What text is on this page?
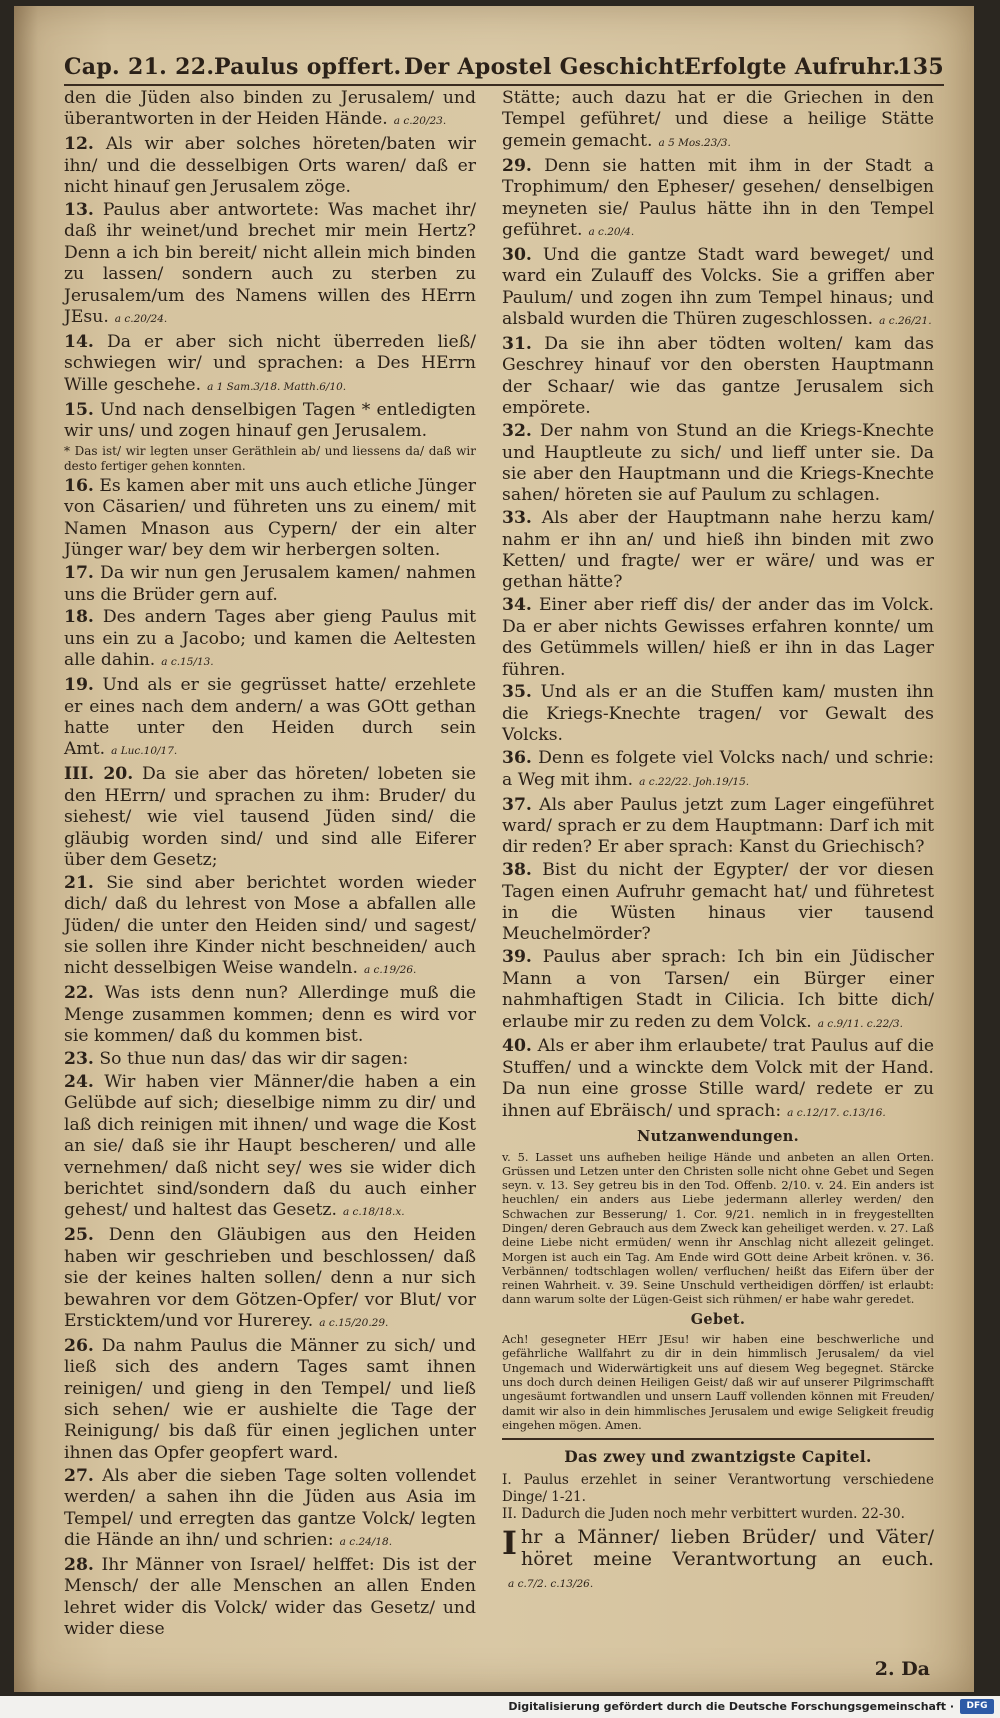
Cap. 21. 22. Paulus opffert. Der Apostel Geschicht.
Erfolgte Aufruhr.
135

den die Jüden also binden zu Jerusalem/ und überantworten in der Heiden Hände. a c.20/23.

12. Als wir aber solches höreten/baten wir ihn/ und die desselbigen Orts waren/ daß er nicht hinauf gen Jerusalem zöge.

13. Paulus aber antwortete: Was machet ihr/ daß ihr weinet/und brechet mir mein Hertz? Denn a ich bin bereit/ nicht allein mich binden zu lassen/ sondern auch zu sterben zu Jerusalem/um des Namens willen des HErrn JEsu. a c.20/24.

14. Da er aber sich nicht überreden ließ/ schwiegen wir/ und sprachen: a Des HErrn Wille geschehe. a 1 Sam.3/18. Matth.6/10.

15. Und nach denselbigen Tagen * entledigten wir uns/ und zogen hinauf gen Jerusalem.

* Das ist/ wir legten unser Geräthlein ab/ und liessens da/ daß wir desto fertiger gehen konnten.

16. Es kamen aber mit uns auch etliche Jünger von Cäsarien/ und führeten uns zu einem/ mit Namen Mnason aus Cypern/ der ein alter Jünger war/ bey dem wir herbergen solten.

17. Da wir nun gen Jerusalem kamen/ nahmen uns die Brüder gern auf.

18. Des andern Tages aber gieng Paulus mit uns ein zu a Jacobo; und kamen die Aeltesten alle dahin. a c.15/13.

19. Und als er sie gegrüsset hatte/ erzehlete er eines nach dem andern/ a was GOtt gethan hatte unter den Heiden durch sein Amt. a Luc.10/17.

III. 20. Da sie aber das höreten/ lobeten sie den HErrn/ und sprachen zu ihm: Bruder/ du siehest/ wie viel tausend Jüden sind/ die gläubig worden sind/ und sind alle Eiferer über dem Gesetz;

21. Sie sind aber berichtet worden wieder dich/ daß du lehrest von Mose a abfallen alle Jüden/ die unter den Heiden sind/ und sagest/ sie sollen ihre Kinder nicht beschneiden/ auch nicht desselbigen Weise wandeln. a c.19/26.

22. Was ists denn nun? Allerdinge muß die Menge zusammen kommen; denn es wird vor sie kommen/ daß du kommen bist.

23. So thue nun das/ das wir dir sagen:

24. Wir haben vier Männer/die haben a ein Gelübde auf sich; dieselbige nimm zu dir/ und laß dich reinigen mit ihnen/ und wage die Kost an sie/ daß sie ihr Haupt bescheren/ und alle vernehmen/ daß nicht sey/ wes sie wider dich berichtet sind/sondern daß du auch einher gehest/ und haltest das Gesetz. a c.18/18.x.

25. Denn den Gläubigen aus den Heiden haben wir geschrieben und beschlossen/ daß sie der keines halten sollen/ denn a nur sich bewahren vor dem Götzen-Opfer/ vor Blut/ vor Ersticktem/und vor Hurerey. a c.15/20.29.

26. Da nahm Paulus die Männer zu sich/ und ließ sich des andern Tages samt ihnen reinigen/ und gieng in den Tempel/ und ließ sich sehen/ wie er aushielte die Tage der Reinigung/ bis daß für einen jeglichen unter ihnen das Opfer geopfert ward.

27. Als aber die sieben Tage solten vollendet werden/ a sahen ihn die Jüden aus Asia im Tempel/ und erregten das gantze Volck/ legten die Hände an ihn/ und schrien: a c.24/18.

28. Ihr Männer von Israel/ helffet: Dis ist der Mensch/ der alle Menschen an allen Enden lehret wider dis Volck/ wider das Gesetz/ und wider diese

Stätte; auch dazu hat er die Griechen in den Tempel geführet/ und diese a heilige Stätte gemein gemacht. a 5 Mos.23/3.

29. Denn sie hatten mit ihm in der Stadt a Trophimum/ den Epheser/ gesehen/ denselbigen meyneten sie/ Paulus hätte ihn in den Tempel geführet. a c.20/4.

30. Und die gantze Stadt ward beweget/ und ward ein Zulauff des Volcks. Sie a griffen aber Paulum/ und zogen ihn zum Tempel hinaus; und alsbald wurden die Thüren zugeschlossen. a c.26/21.

31. Da sie ihn aber tödten wolten/ kam das Geschrey hinauf vor den obersten Hauptmann der Schaar/ wie das gantze Jerusalem sich empörete.

32. Der nahm von Stund an die Kriegs-Knechte und Hauptleute zu sich/ und lieff unter sie. Da sie aber den Hauptmann und die Kriegs-Knechte sahen/ höreten sie auf Paulum zu schlagen.

33. Als aber der Hauptmann nahe herzu kam/ nahm er ihn an/ und hieß ihn binden mit zwo Ketten/ und fragte/ wer er wäre/ und was er gethan hätte?

34. Einer aber rieff dis/ der ander das im Volck. Da er aber nichts Gewisses erfahren konnte/ um des Getümmels willen/ hieß er ihn in das Lager führen.

35. Und als er an die Stuffen kam/ musten ihn die Kriegs-Knechte tragen/ vor Gewalt des Volcks.

36. Denn es folgete viel Volcks nach/ und schrie: a Weg mit ihm. a c.22/22. Joh.19/15.

37. Als aber Paulus jetzt zum Lager eingeführet ward/ sprach er zu dem Hauptmann: Darf ich mit dir reden? Er aber sprach: Kanst du Griechisch?

38. Bist du nicht der Egypter/ der vor diesen Tagen einen Aufruhr gemacht hat/ und führetest in die Wüsten hinaus vier tausend Meuchelmörder?

39. Paulus aber sprach: Ich bin ein Jüdischer Mann a von Tarsen/ ein Bürger einer nahmhaftigen Stadt in Cilicia. Ich bitte dich/ erlaube mir zu reden zu dem Volck. a c.9/11. c.22/3.

40. Als er aber ihm erlaubete/ trat Paulus auf die Stuffen/ und a winckte dem Volck mit der Hand. Da nun eine grosse Stille ward/ redete er zu ihnen auf Ebräisch/ und sprach: a c.12/17. c.13/16.

Nutzanwendungen.

v. 5. Lasset uns aufheben heilige Hände und anbeten an allen Orten. Grüssen und Letzen unter den Christen solle nicht ohne Gebet und Segen seyn. v. 13. Sey getreu bis in den Tod. Offenb. 2/10. v. 24. Ein anders ist heuchlen/ ein anders aus Liebe jedermann allerley werden/ den Schwachen zur Besserung/ 1. Cor. 9/21. nemlich in in freygestellten Dingen/ deren Gebrauch aus dem Zweck kan geheiliget werden. v. 27. Laß deine Liebe nicht ermüden/ wenn ihr Anschlag nicht allezeit gelinget. Morgen ist auch ein Tag. Am Ende wird GOtt deine Arbeit krönen. v. 36. Verbännen/ todtschlagen wollen/ verfluchen/ heißt das Eifern über der reinen Wahrheit. v. 39. Seine Unschuld vertheidigen dörffen/ ist erlaubt: dann warum solte der Lügen-Geist sich rühmen/ er habe wahr geredet.

Gebet.

Ach! gesegneter HErr JEsu! wir haben eine beschwerliche und gefährliche Wallfahrt zu dir in dein himmlisch Jerusalem/ da viel Ungemach und Widerwärtigkeit uns auf diesem Weg begegnet. Stärcke uns doch durch deinen Heiligen Geist/ daß wir auf unserer Pilgrimschafft ungesäumt fortwandlen und unsern Lauff vollenden können mit Freuden/ damit wir also in dein himmlisches Jerusalem und ewige Seligkeit freudig eingehen mögen. Amen.

Das zwey und zwantzigste Capitel.
I. Paulus erzehlet in seiner Verantwortung verschiedene Dinge/ 1-21.
II. Dadurch die Juden noch mehr verbittert wurden. 22-30.
I hr a Männer/ lieben Brüder/ und Väter/ höret meine Verantwortung an euch. a c.7/2. c.13/26.
2. Da
Digitalisierung gefördert durch die Deutsche Forschungsgemeinschaft ·	DFG
